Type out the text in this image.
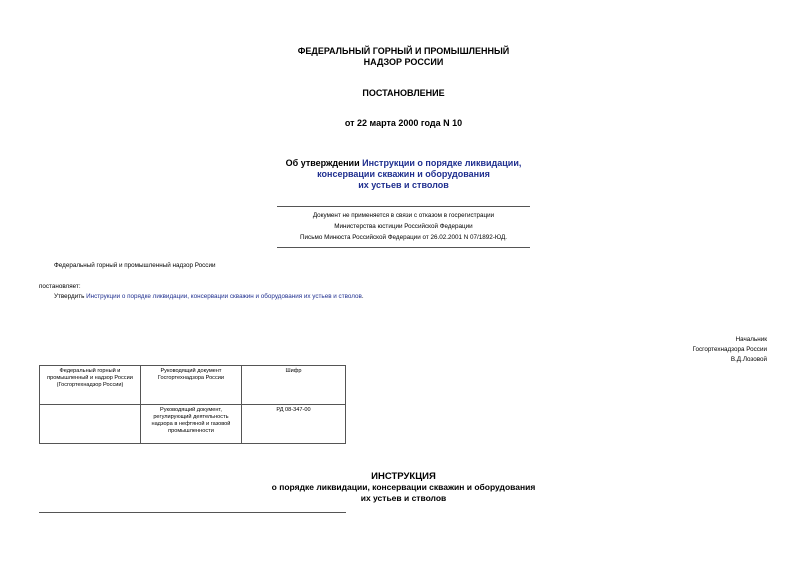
ФЕДЕРАЛЬНЫЙ ГОРНЫЙ И ПРОМЫШЛЕННЫЙ
НАДЗОР РОССИИ
ПОСТАНОВЛЕНИЕ
от 22 марта 2000 года N 10
Об утверждении Инструкции о порядке ликвидации,
консервации скважин и оборудования
их устьев и стволов
Документ не применяется в связи с отказом в госрегистрации
Министерства юстиции Российской Федерации
Письмо Минюста Российской Федерации от 26.02.2001 N 07/1892-ЮД.
Федеральный горный и промышленный надзор России
постановляет:
Утвердить Инструкции о порядке ликвидации, консервации скважин и оборудования их устьев и стволов.
Начальник
Госгортехнадзора России
В.Д.Лозовой
Федеральный горный и промышленный и надзор России (Госгортехнадзор России)	Руководящий документ Госгортехнадзора России	Шифр
	Руководящий документ, регулирующий деятельность надзора в нефтяной и газовой промышленности	РД 08-347-00
ИНСТРУКЦИЯ
о порядке ликвидации, консервации скважин и оборудования
их устьев и стволов
